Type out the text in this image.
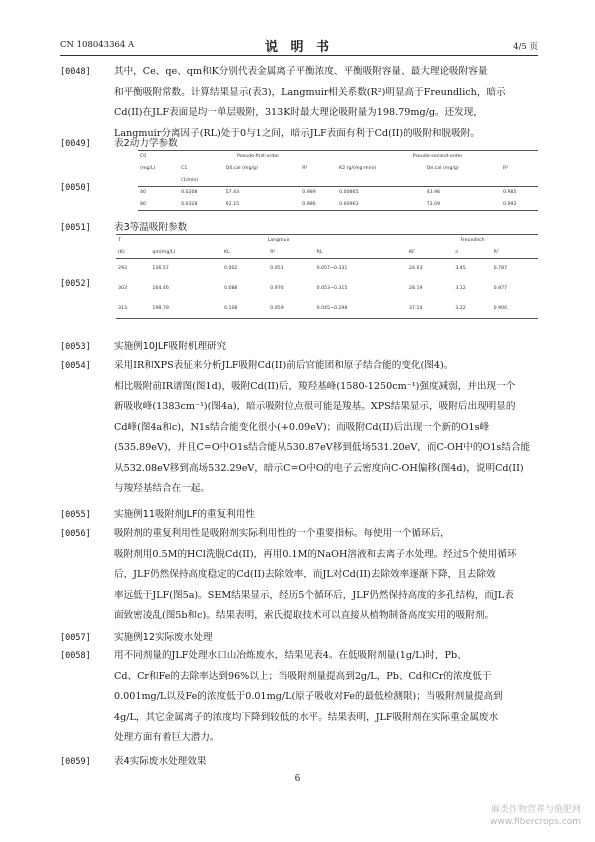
CN 108043364 A	说 明 书	4/5 页
[0048] 其中，Ce、qe、qm和K分别代表金属离子平衡浓度、平衡吸附容量、最大理论吸附容量

和平衡吸附常数。计算结果显示(表3)，Langmuir相关系数(R²)明显高于Freundlich，暗示

Cd(II)在JLF表面是均一单层吸附，313K时最大理论吸附量为198.79mg/g。还发现，

Langmuir分离因子(RL)处于0与1之间，暗示JLF表面有利于Cd(II)的吸附和脱吸附。

[0049] 表2动力学参数

[0050]
C0	Pseudo-first-order			Pseudo-second-order		
(mg/L)	C1	Q0,cal (mg/g)	R²	K2 (g/(mg·min))	Qe,cal (mg/g)	R²
	(1/min)					
40	0.0208	57.43	0.989	0.00865	43.96	0.985
80	0.0328	62.15	0.986	0.00963	73.09	0.992
[0051] 表3等温吸附参数

[0052]
T	Langmuir				Freundlich		
(K)	qm(mg/L)	KL	R²	RL	KF	n	R²
293	136.57	0.002	0.951	0.057~0.331	24.03	3.45	0.787
303	164.46	0.088	0.976	0.053~0.315	28.19	3.12	0.877
313	198.79	0.108	0.959	0.045~0.298	37.14	3.22	0.900
[0053] 实施例10JLF吸附机理研究

[0054] 采用IR和XPS表征来分析JLF吸附Cd(II)前后官能团和原子结合能的变化(图4)。

相比吸附前IR谱图(图1d)，吸附Cd(II)后，羧羟基峰(1580-1250cm⁻¹)强度减弱，并出现一个

新吸收峰(1383cm⁻¹)(图4a)，暗示吸附位点很可能是羧基。XPS结果显示，吸附后出现明显的

Cd峰(图4a和c)，N1s结合能变化很小(+0.09eV)；而吸附Cd(II)后出现一个新的O1s峰

(535.89eV)，并且C=O中O1s结合能从530.87eV移到低场531.20eV，而C-OH中的O1s结合能

从532.08eV移到高场532.29eV，暗示C=O中O的电子云密度向C-OH偏移(图4d)，说明Cd(II)

与羧羟基结合在一起。

[0055] 实施例11吸附剂JLF的重复利用性

[0056] 吸附剂的重复利用性是吸附剂实际利用性的一个重要指标。每使用一个循环后，

吸附剂用0.5M的HCl洗脱Cd(II)，再用0.1M的NaOH溶液和去离子水处理。经过5个使用循环

后，JLF仍然保持高度稳定的Cd(II)去除效率，而JL对Cd(II)去除效率逐渐下降，且去除效

率远低于JLF(图5a)。SEM结果显示，经历5个循环后，JLF仍然保持高度的多孔结构，而JL表

面致密凌乱(图5b和c)。结果表明，索氏提取技术可以直接从植物制备高度实用的吸附剂。

[0057] 实施例12实际废水处理

[0058] 用不同剂量的JLF处理水口山冶炼废水，结果见表4。在低吸附剂量(1g/L)时，Pb、

Cd、Cr和Fe的去除率达到96%以上；当吸附剂量提高到2g/L，Pb、Cd和Cr的浓度低于

0.001mg/L以及Fe的浓度低于0.01mg/L(原子吸收对Fe的最低检测限)；当吸附剂量提高到

4g/L，其它金属离子的浓度均下降到较低的水平。结果表明，JLF吸附剂在实际重金属废水

处理方面有着巨大潜力。

[0059] 表4实际废水处理效果

6
麻类作物营养与施肥网
www.fibercrops.com
